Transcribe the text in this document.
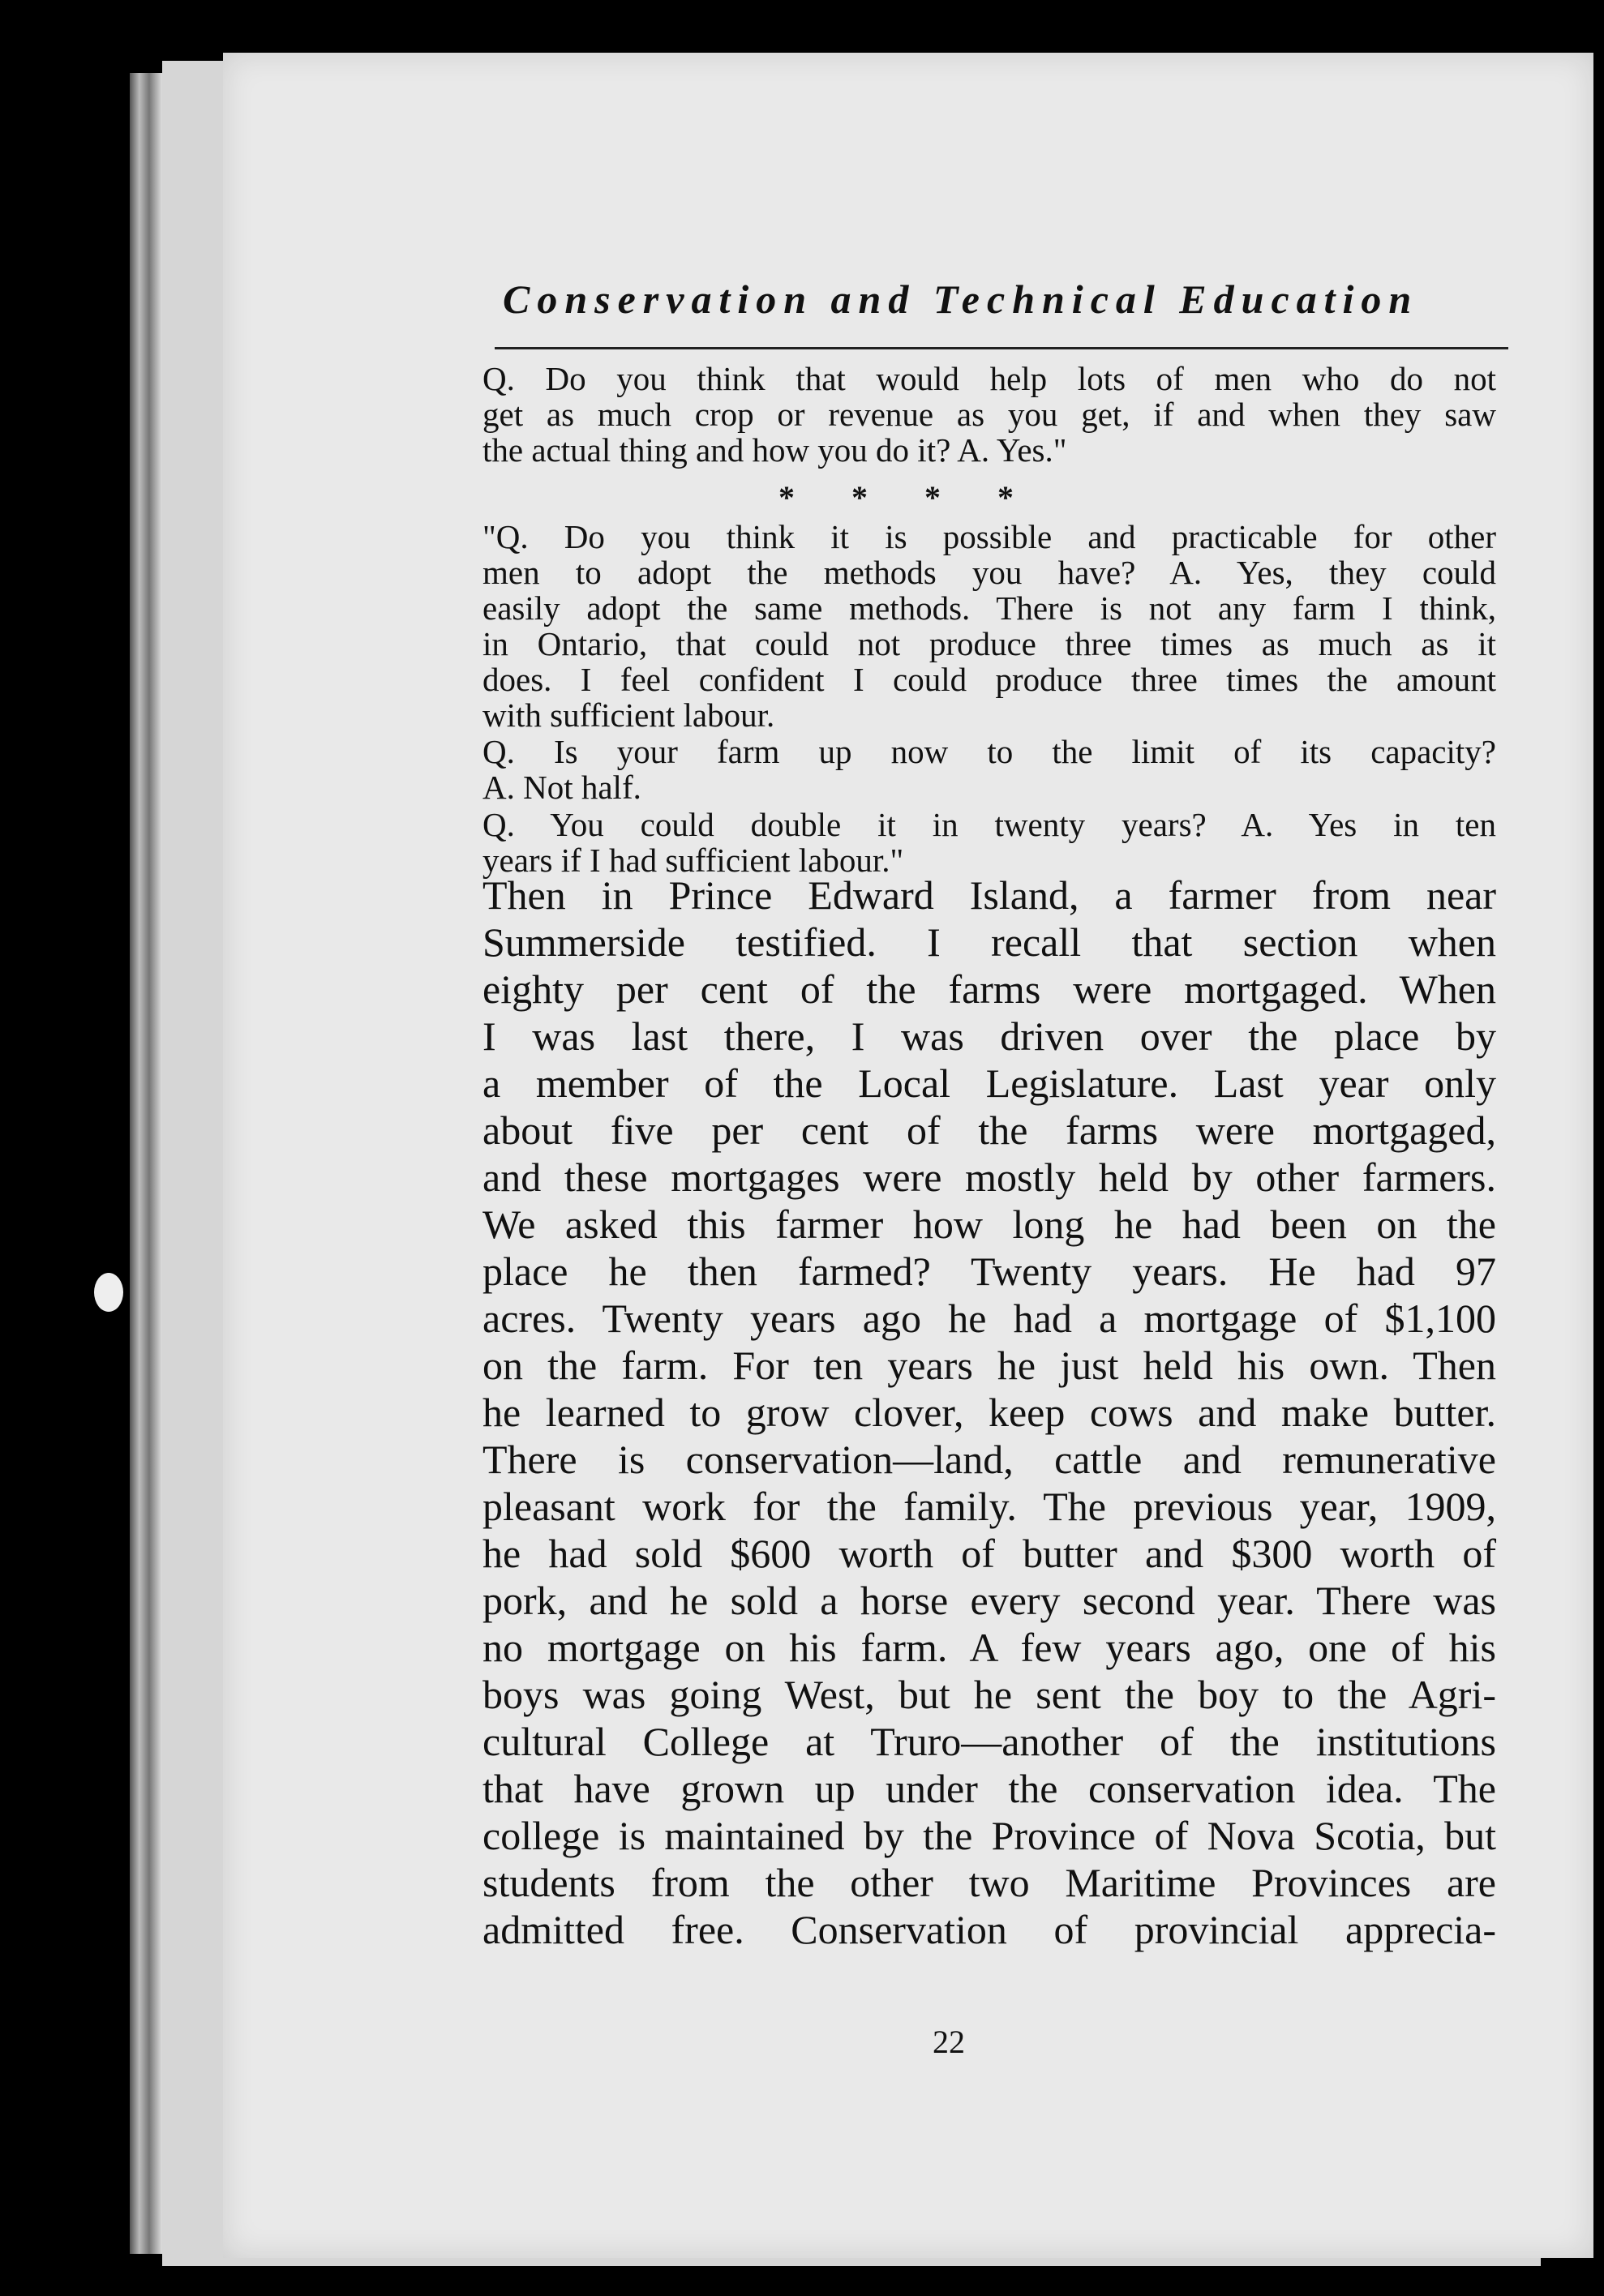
Conservation and Technical Education
Q. Do you think that would help lots of men who do not
get as much crop or revenue as you get, if and when they saw
the actual thing and how you do it? A. Yes."
* * * *
"Q. Do you think it is possible and practicable for other
men to adopt the methods you have? A. Yes, they could
easily adopt the same methods. There is not any farm I think,
in Ontario, that could not produce three times as much as it
does. I feel confident I could produce three times the amount
with sufficient labour.
Q. Is your farm up now to the limit of its capacity?
A. Not half.
Q. You could double it in twenty years? A. Yes in ten
years if I had sufficient labour."
Then in Prince Edward Island, a farmer from near
Summerside testified. I recall that section when
eighty per cent of the farms were mortgaged. When
I was last there, I was driven over the place by
a member of the Local Legislature. Last year only
about five per cent of the farms were mortgaged,
and these mortgages were mostly held by other farmers.
We asked this farmer how long he had been on the
place he then farmed? Twenty years. He had 97
acres. Twenty years ago he had a mortgage of $1,100
on the farm. For ten years he just held his own. Then
he learned to grow clover, keep cows and make butter.
There is conservation—land, cattle and remunerative
pleasant work for the family. The previous year, 1909,
he had sold $600 worth of butter and $300 worth of
pork, and he sold a horse every second year. There was
no mortgage on his farm. A few years ago, one of his
boys was going West, but he sent the boy to the Agri-
cultural College at Truro—another of the institutions
that have grown up under the conservation idea. The
college is maintained by the Province of Nova Scotia, but
students from the other two Maritime Provinces are
admitted free. Conservation of provincial apprecia-
22
